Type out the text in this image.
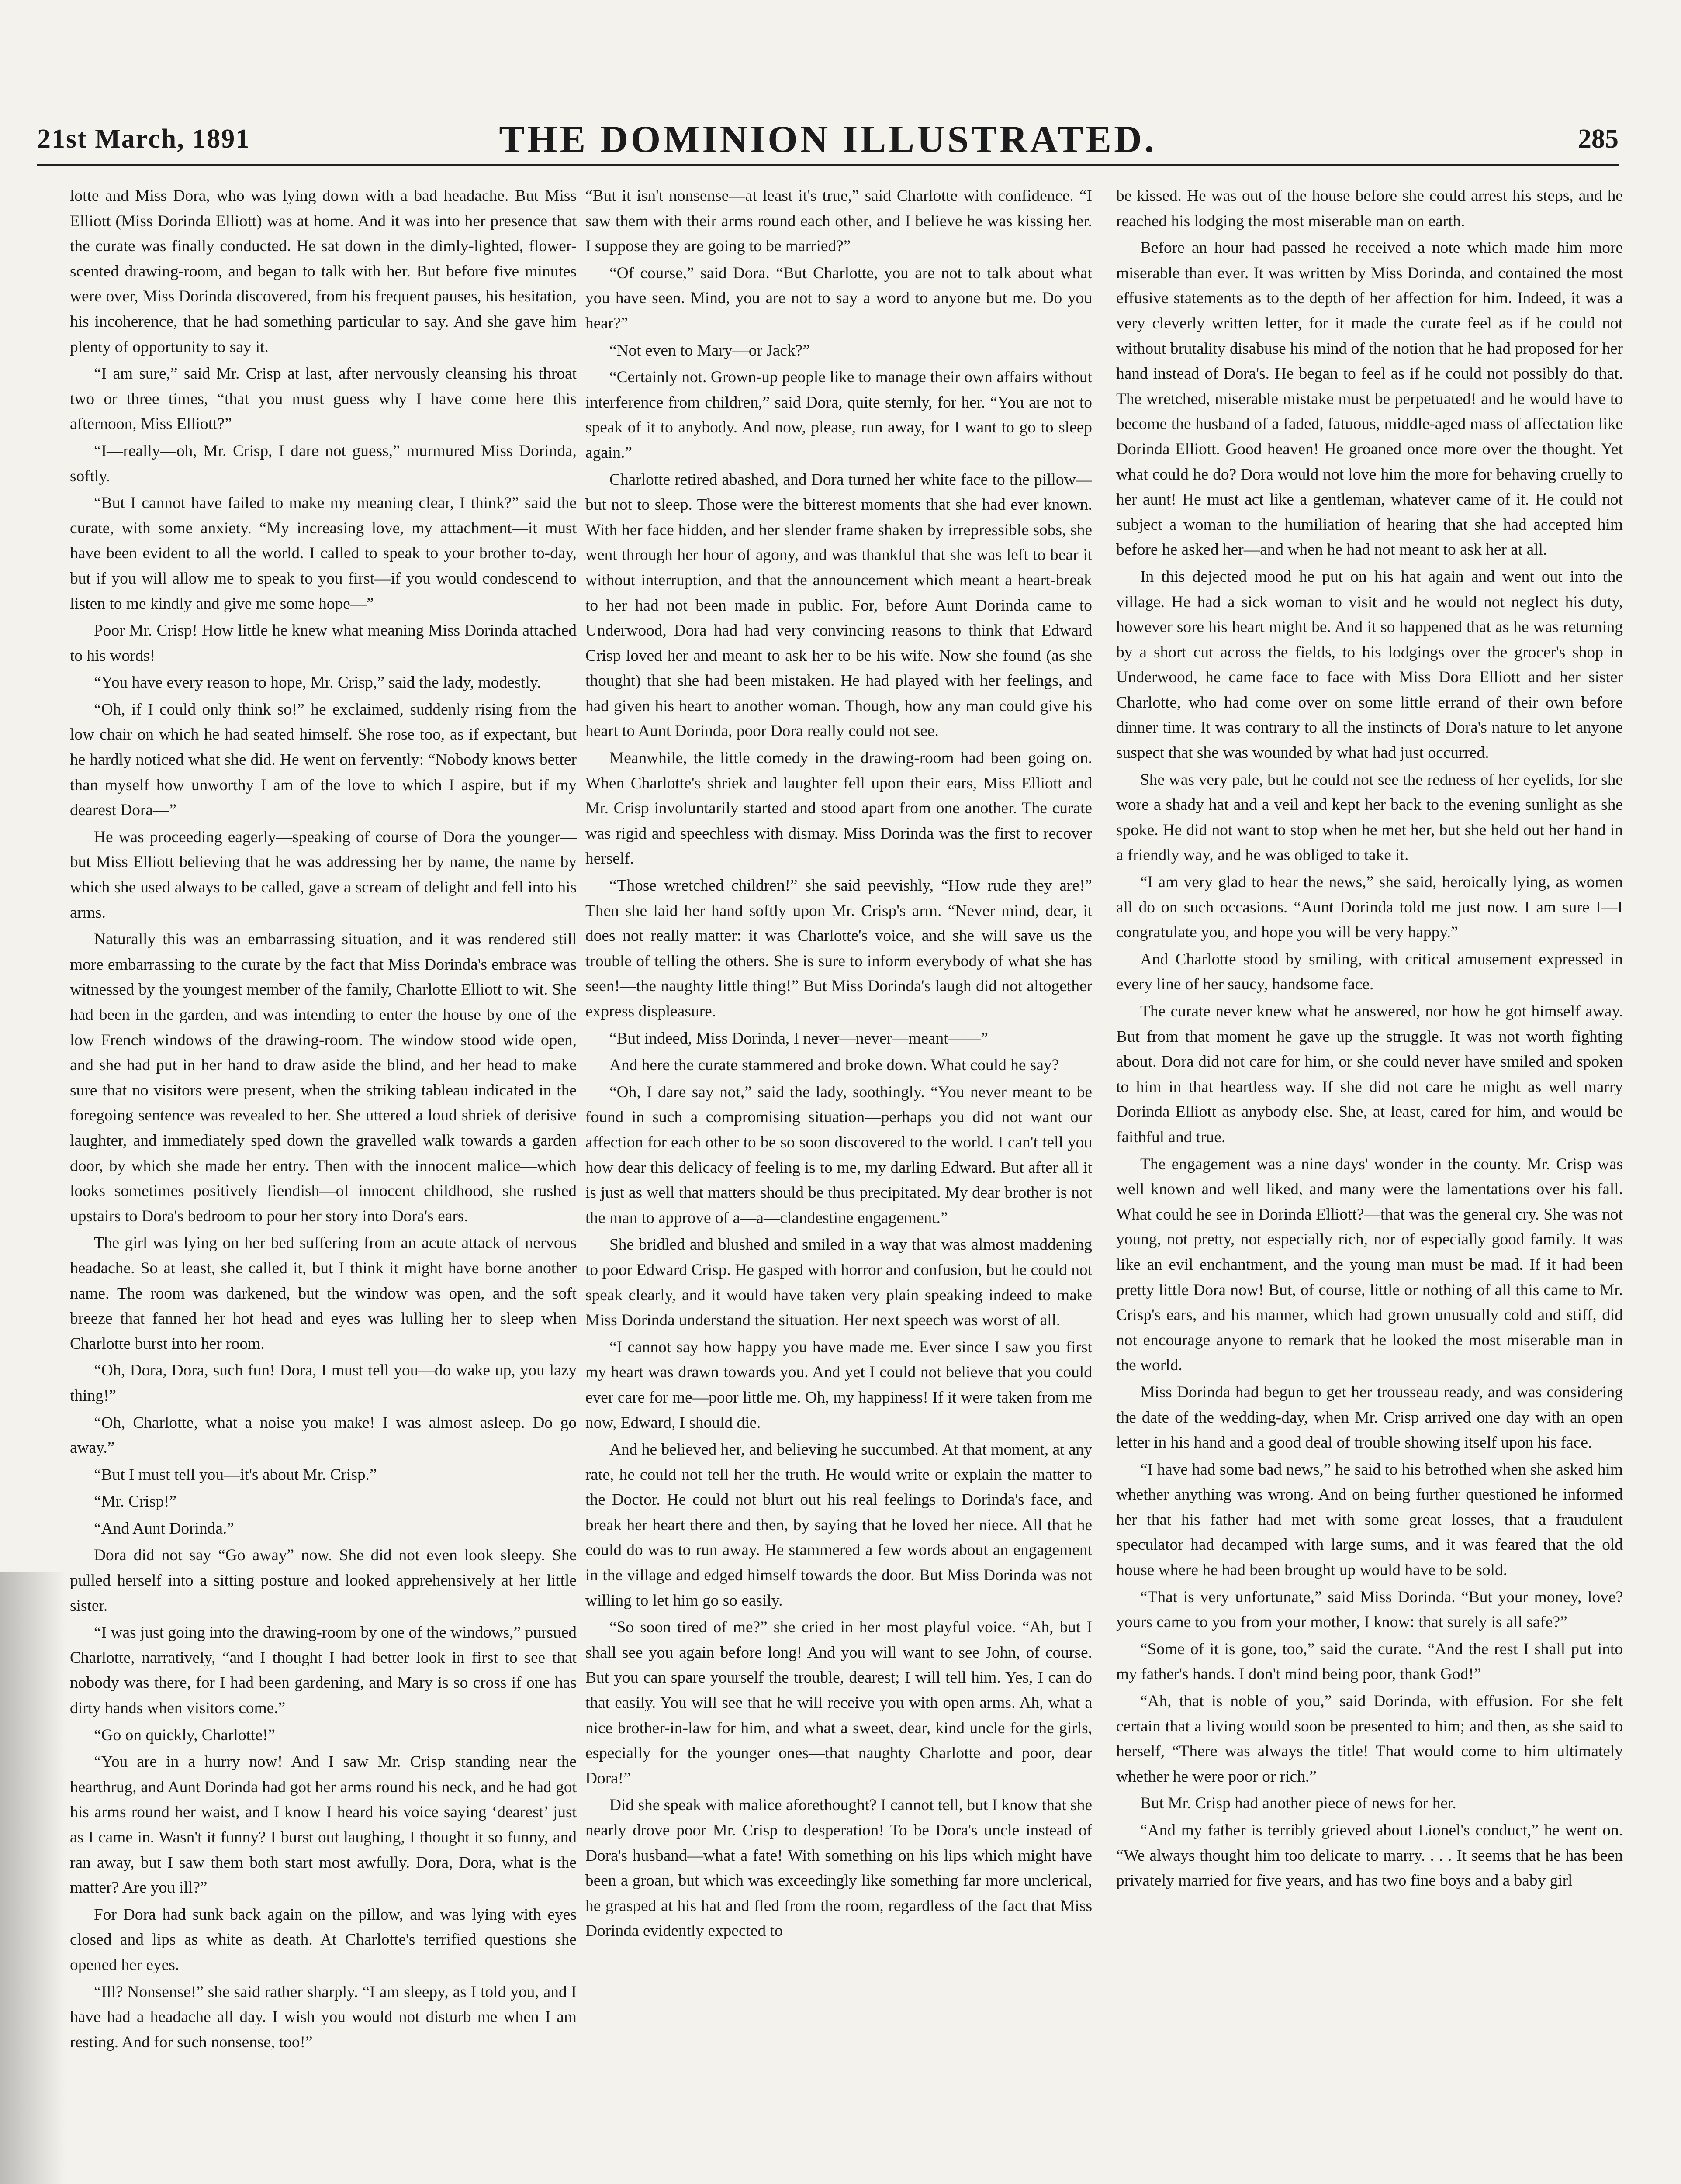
21st March, 1891	THE DOMINION ILLUSTRATED.	285

lotte and Miss Dora, who was lying down with a bad headache. But Miss Elliott (Miss Dorinda Elliott) was at home. And it was into her presence that the curate was finally conducted. He sat down in the dimly-lighted, flower-scented drawing-room, and began to talk with her. But before five minutes were over, Miss Dorinda discovered, from his frequent pauses, his hesitation, his incoherence, that he had something particular to say. And she gave him plenty of opportunity to say it.

“I am sure,” said Mr. Crisp at last, after nervously cleansing his throat two or three times, “that you must guess why I have come here this afternoon, Miss Elliott?”

“I—really—oh, Mr. Crisp, I dare not guess,” murmured Miss Dorinda, softly.

“But I cannot have failed to make my meaning clear, I think?” said the curate, with some anxiety. “My increasing love, my attachment—it must have been evident to all the world. I called to speak to your brother to-day, but if you will allow me to speak to you first—if you would condescend to listen to me kindly and give me some hope—”

Poor Mr. Crisp! How little he knew what meaning Miss Dorinda attached to his words!

“You have every reason to hope, Mr. Crisp,” said the lady, modestly.

“Oh, if I could only think so!” he exclaimed, suddenly rising from the low chair on which he had seated himself. She rose too, as if expectant, but he hardly noticed what she did. He went on fervently: “Nobody knows better than myself how unworthy I am of the love to which I aspire, but if my dearest Dora—”

He was proceeding eagerly—speaking of course of Dora the younger—but Miss Elliott believing that he was addressing her by name, the name by which she used always to be called, gave a scream of delight and fell into his arms.

Naturally this was an embarrassing situation, and it was rendered still more embarrassing to the curate by the fact that Miss Dorinda's embrace was witnessed by the youngest member of the family, Charlotte Elliott to wit. She had been in the garden, and was intending to enter the house by one of the low French windows of the drawing-room. The window stood wide open, and she had put in her hand to draw aside the blind, and her head to make sure that no visitors were present, when the striking tableau indicated in the foregoing sentence was revealed to her. She uttered a loud shriek of derisive laughter, and immediately sped down the gravelled walk towards a garden door, by which she made her entry. Then with the innocent malice—which looks sometimes positively fiendish—of innocent childhood, she rushed upstairs to Dora's bedroom to pour her story into Dora's ears.

The girl was lying on her bed suffering from an acute attack of nervous headache. So at least, she called it, but I think it might have borne another name. The room was darkened, but the window was open, and the soft breeze that fanned her hot head and eyes was lulling her to sleep when Charlotte burst into her room.

“Oh, Dora, Dora, such fun! Dora, I must tell you—do wake up, you lazy thing!”

“Oh, Charlotte, what a noise you make! I was almost asleep. Do go away.”

“But I must tell you—it's about Mr. Crisp.”

“Mr. Crisp!”

“And Aunt Dorinda.”

Dora did not say “Go away” now. She did not even look sleepy. She pulled herself into a sitting posture and looked apprehensively at her little sister.

“I was just going into the drawing-room by one of the windows,” pursued Charlotte, narratively, “and I thought I had better look in first to see that nobody was there, for I had been gardening, and Mary is so cross if one has dirty hands when visitors come.”

“Go on quickly, Charlotte!”

“You are in a hurry now! And I saw Mr. Crisp standing near the hearthrug, and Aunt Dorinda had got her arms round his neck, and he had got his arms round her waist, and I know I heard his voice saying ‘dearest’ just as I came in. Wasn't it funny? I burst out laughing, I thought it so funny, and ran away, but I saw them both start most awfully. Dora, Dora, what is the matter? Are you ill?”

For Dora had sunk back again on the pillow, and was lying with eyes closed and lips as white as death. At Charlotte's terrified questions she opened her eyes.

“Ill? Nonsense!” she said rather sharply. “I am sleepy, as I told you, and I have had a headache all day. I wish you would not disturb me when I am resting. And for such nonsense, too!”

“But it isn't nonsense—at least it's true,” said Charlotte with confidence. “I saw them with their arms round each other, and I believe he was kissing her. I suppose they are going to be married?”

“Of course,” said Dora. “But Charlotte, you are not to talk about what you have seen. Mind, you are not to say a word to anyone but me. Do you hear?”

“Not even to Mary—or Jack?”

“Certainly not. Grown-up people like to manage their own affairs without interference from children,” said Dora, quite sternly, for her. “You are not to speak of it to anybody. And now, please, run away, for I want to go to sleep again.”

Charlotte retired abashed, and Dora turned her white face to the pillow—but not to sleep. Those were the bitterest moments that she had ever known. With her face hidden, and her slender frame shaken by irrepressible sobs, she went through her hour of agony, and was thankful that she was left to bear it without interruption, and that the announcement which meant a heart-break to her had not been made in public. For, before Aunt Dorinda came to Underwood, Dora had had very convincing reasons to think that Edward Crisp loved her and meant to ask her to be his wife. Now she found (as she thought) that she had been mistaken. He had played with her feelings, and had given his heart to another woman. Though, how any man could give his heart to Aunt Dorinda, poor Dora really could not see.

Meanwhile, the little comedy in the drawing-room had been going on. When Charlotte's shriek and laughter fell upon their ears, Miss Elliott and Mr. Crisp involuntarily started and stood apart from one another. The curate was rigid and speechless with dismay. Miss Dorinda was the first to recover herself.

“Those wretched children!” she said peevishly, “How rude they are!” Then she laid her hand softly upon Mr. Crisp's arm. “Never mind, dear, it does not really matter: it was Charlotte's voice, and she will save us the trouble of telling the others. She is sure to inform everybody of what she has seen!—the naughty little thing!” But Miss Dorinda's laugh did not altogether express displeasure.

“But indeed, Miss Dorinda, I never—never—meant——”

And here the curate stammered and broke down. What could he say?

“Oh, I dare say not,” said the lady, soothingly. “You never meant to be found in such a compromising situation—perhaps you did not want our affection for each other to be so soon discovered to the world. I can't tell you how dear this delicacy of feeling is to me, my darling Edward. But after all it is just as well that matters should be thus precipitated. My dear brother is not the man to approve of a—a—clandestine engagement.”

She bridled and blushed and smiled in a way that was almost maddening to poor Edward Crisp. He gasped with horror and confusion, but he could not speak clearly, and it would have taken very plain speaking indeed to make Miss Dorinda understand the situation. Her next speech was worst of all.

“I cannot say how happy you have made me. Ever since I saw you first my heart was drawn towards you. And yet I could not believe that you could ever care for me—poor little me. Oh, my happiness! If it were taken from me now, Edward, I should die.

And he believed her, and believing he succumbed. At that moment, at any rate, he could not tell her the truth. He would write or explain the matter to the Doctor. He could not blurt out his real feelings to Dorinda's face, and break her heart there and then, by saying that he loved her niece. All that he could do was to run away. He stammered a few words about an engagement in the village and edged himself towards the door. But Miss Dorinda was not willing to let him go so easily.

“So soon tired of me?” she cried in her most playful voice. “Ah, but I shall see you again before long! And you will want to see John, of course. But you can spare yourself the trouble, dearest; I will tell him. Yes, I can do that easily. You will see that he will receive you with open arms. Ah, what a nice brother-in-law for him, and what a sweet, dear, kind uncle for the girls, especially for the younger ones—that naughty Charlotte and poor, dear Dora!”

Did she speak with malice aforethought? I cannot tell, but I know that she nearly drove poor Mr. Crisp to desperation! To be Dora's uncle instead of Dora's husband—what a fate! With something on his lips which might have been a groan, but which was exceedingly like something far more unclerical, he grasped at his hat and fled from the room, regardless of the fact that Miss Dorinda evidently expected to

be kissed. He was out of the house before she could arrest his steps, and he reached his lodging the most miserable man on earth.

Before an hour had passed he received a note which made him more miserable than ever. It was written by Miss Dorinda, and contained the most effusive statements as to the depth of her affection for him. Indeed, it was a very cleverly written letter, for it made the curate feel as if he could not without brutality disabuse his mind of the notion that he had proposed for her hand instead of Dora's. He began to feel as if he could not possibly do that. The wretched, miserable mistake must be perpetuated! and he would have to become the husband of a faded, fatuous, middle-aged mass of affectation like Dorinda Elliott. Good heaven! He groaned once more over the thought. Yet what could he do? Dora would not love him the more for behaving cruelly to her aunt! He must act like a gentleman, whatever came of it. He could not subject a woman to the humiliation of hearing that she had accepted him before he asked her—and when he had not meant to ask her at all.

In this dejected mood he put on his hat again and went out into the village. He had a sick woman to visit and he would not neglect his duty, however sore his heart might be. And it so happened that as he was returning by a short cut across the fields, to his lodgings over the grocer's shop in Underwood, he came face to face with Miss Dora Elliott and her sister Charlotte, who had come over on some little errand of their own before dinner time. It was contrary to all the instincts of Dora's nature to let anyone suspect that she was wounded by what had just occurred.

She was very pale, but he could not see the redness of her eyelids, for she wore a shady hat and a veil and kept her back to the evening sunlight as she spoke. He did not want to stop when he met her, but she held out her hand in a friendly way, and he was obliged to take it.

“I am very glad to hear the news,” she said, heroically lying, as women all do on such occasions. “Aunt Dorinda told me just now. I am sure I—I congratulate you, and hope you will be very happy.”

And Charlotte stood by smiling, with critical amusement expressed in every line of her saucy, handsome face.

The curate never knew what he answered, nor how he got himself away. But from that moment he gave up the struggle. It was not worth fighting about. Dora did not care for him, or she could never have smiled and spoken to him in that heartless way. If she did not care he might as well marry Dorinda Elliott as anybody else. She, at least, cared for him, and would be faithful and true.

The engagement was a nine days' wonder in the county. Mr. Crisp was well known and well liked, and many were the lamentations over his fall. What could he see in Dorinda Elliott?—that was the general cry. She was not young, not pretty, not especially rich, nor of especially good family. It was like an evil enchantment, and the young man must be mad. If it had been pretty little Dora now! But, of course, little or nothing of all this came to Mr. Crisp's ears, and his manner, which had grown unusually cold and stiff, did not encourage anyone to remark that he looked the most miserable man in the world.

Miss Dorinda had begun to get her trousseau ready, and was considering the date of the wedding-day, when Mr. Crisp arrived one day with an open letter in his hand and a good deal of trouble showing itself upon his face.

“I have had some bad news,” he said to his betrothed when she asked him whether anything was wrong. And on being further questioned he informed her that his father had met with some great losses, that a fraudulent speculator had decamped with large sums, and it was feared that the old house where he had been brought up would have to be sold.

“That is very unfortunate,” said Miss Dorinda. “But your money, love? yours came to you from your mother, I know: that surely is all safe?”

“Some of it is gone, too,” said the curate. “And the rest I shall put into my father's hands. I don't mind being poor, thank God!”

“Ah, that is noble of you,” said Dorinda, with effusion. For she felt certain that a living would soon be presented to him; and then, as she said to herself, “There was always the title! That would come to him ultimately whether he were poor or rich.”

But Mr. Crisp had another piece of news for her.

“And my father is terribly grieved about Lionel's conduct,” he went on. “We always thought him too delicate to marry. . . . It seems that he has been privately married for five years, and has two fine boys and a baby girl
